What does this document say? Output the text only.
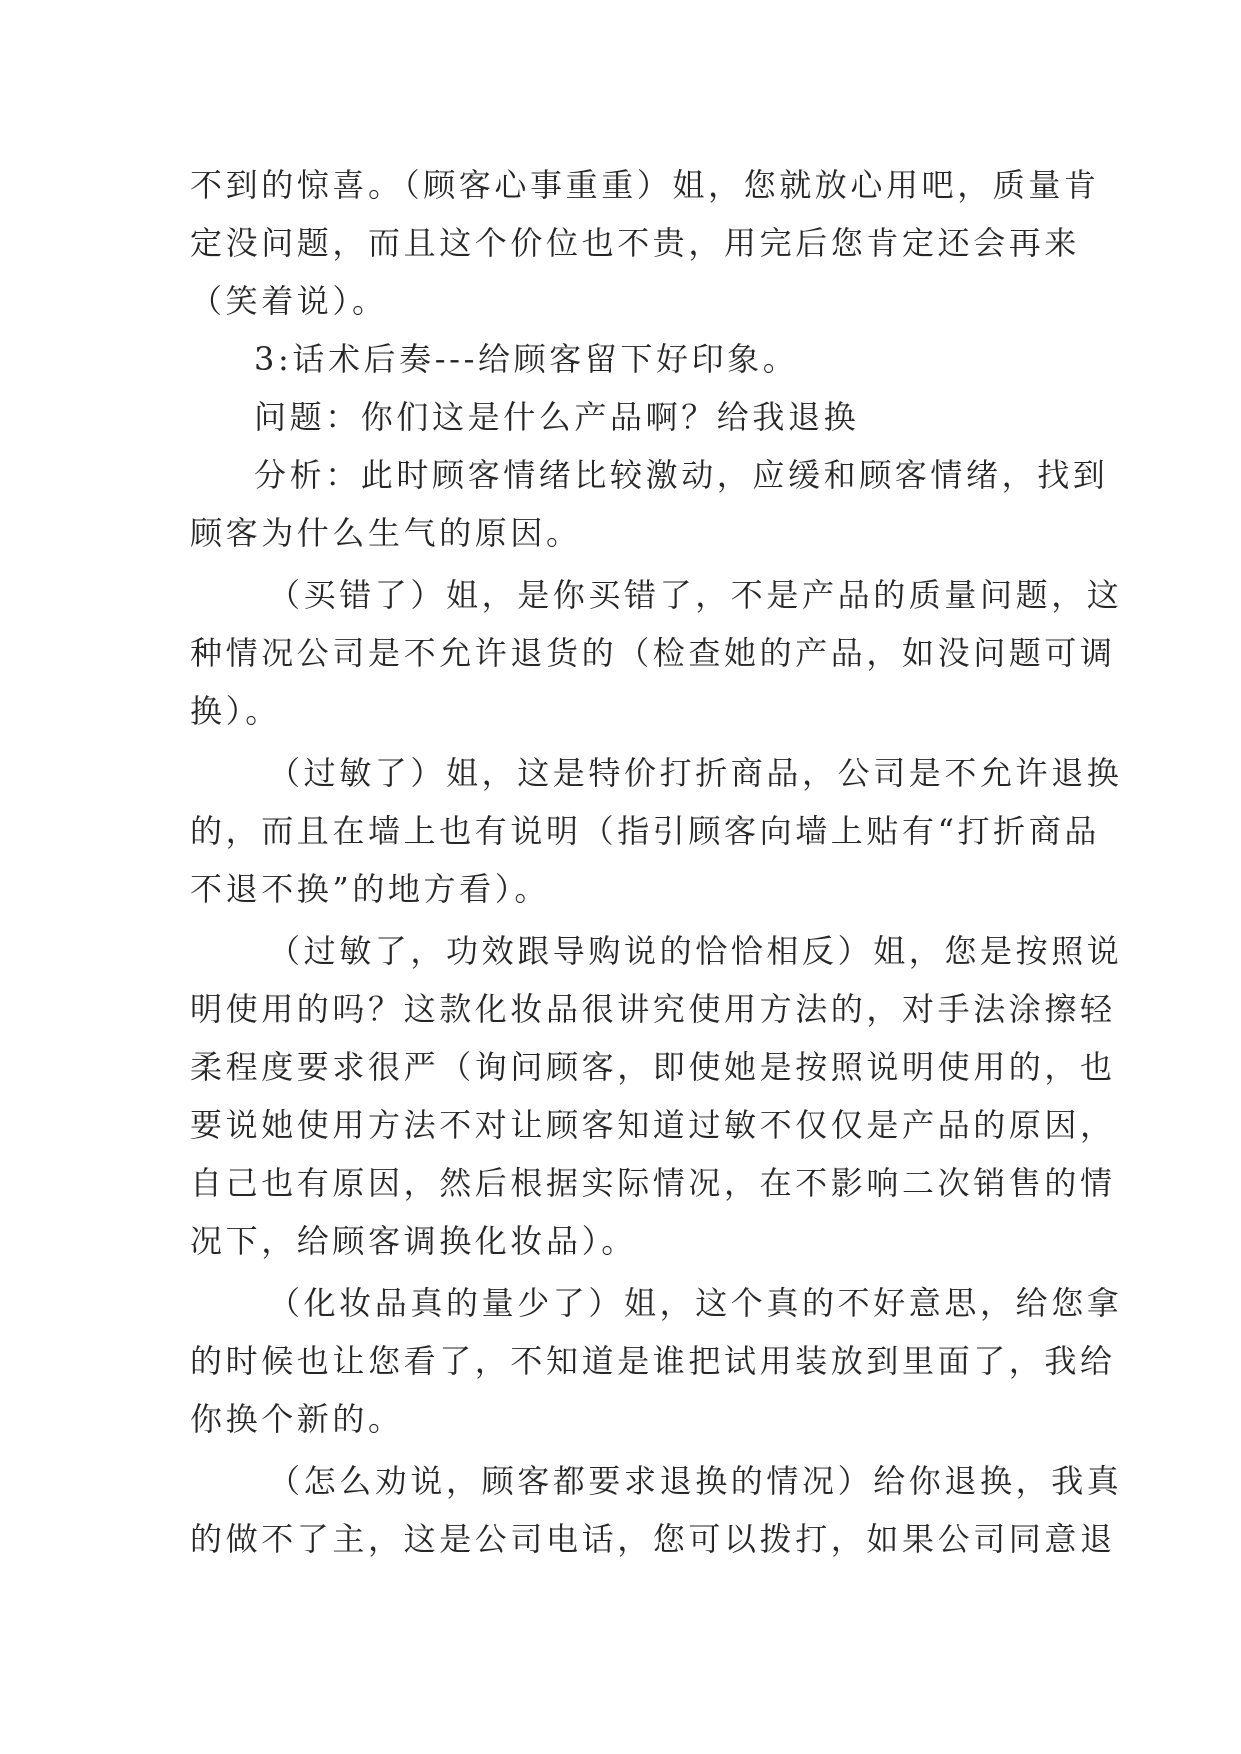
不到的惊喜。（顾客心事重重）姐，您就放心用吧，质量肯
定没问题，而且这个价位也不贵，用完后您肯定还会再来
（笑着说）。
3:话术后奏---给顾客留下好印象。
问题：你们这是什么产品啊？给我退换
分析：此时顾客情绪比较激动，应缓和顾客情绪，找到
顾客为什么生气的原因。
（买错了）姐，是你买错了，不是产品的质量问题，这
种情况公司是不允许退货的（检查她的产品，如没问题可调
换）。
（过敏了）姐，这是特价打折商品，公司是不允许退换
的，而且在墙上也有说明（指引顾客向墙上贴有“打折商品
不退不换”的地方看）。
（过敏了，功效跟导购说的恰恰相反）姐，您是按照说
明使用的吗？这款化妆品很讲究使用方法的，对手法涂擦轻
柔程度要求很严（询问顾客，即使她是按照说明使用的，也
要说她使用方法不对让顾客知道过敏不仅仅是产品的原因，
自己也有原因，然后根据实际情况，在不影响二次销售的情
况下，给顾客调换化妆品）。
（化妆品真的量少了）姐，这个真的不好意思，给您拿
的时候也让您看了，不知道是谁把试用装放到里面了，我给
你换个新的。
（怎么劝说，顾客都要求退换的情况）给你退换，我真
的做不了主，这是公司电话，您可以拨打，如果公司同意退
